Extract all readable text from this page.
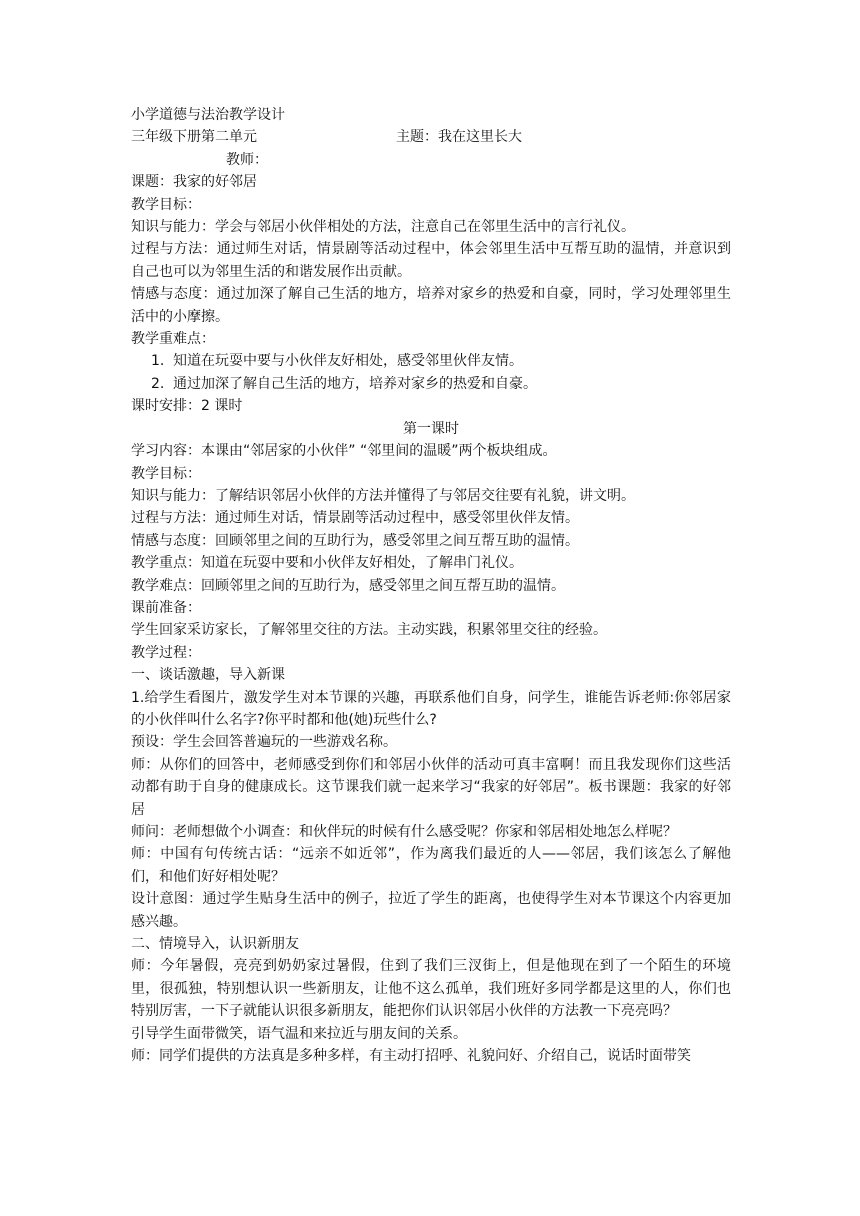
小学道德与法治教学设计

三年级下册第二单元	主题：我在这里长大

教师：

课题：我家的好邻居

教学目标：

知识与能力：学会与邻居小伙伴相处的方法，注意自己在邻里生活中的言行礼仪。

过程与方法：通过师生对话，情景剧等活动过程中，体会邻里生活中互帮互助的温情，并意识到自己也可以为邻里生活的和谐发展作出贡献。

情感与态度：通过加深了解自己生活的地方，培养对家乡的热爱和自豪，同时，学习处理邻里生活中的小摩擦。

教学重难点：

1. 知道在玩耍中要与小伙伴友好相处，感受邻里伙伴友情。
2. 通过加深了解自己生活的地方，培养对家乡的热爱和自豪。

课时安排：2 课时

第一课时

学习内容：本课由“邻居家的小伙伴” “邻里间的温暖”两个板块组成。

教学目标：

知识与能力：了解结识邻居小伙伴的方法并懂得了与邻居交往要有礼貌，讲文明。

过程与方法：通过师生对话，情景剧等活动过程中，感受邻里伙伴友情。

情感与态度：回顾邻里之间的互助行为，感受邻里之间互帮互助的温情。

教学重点：知道在玩耍中要和小伙伴友好相处，了解串门礼仪。

教学难点：回顾邻里之间的互助行为，感受邻里之间互帮互助的温情。

课前准备：

学生回家采访家长，了解邻里交往的方法。主动实践，积累邻里交往的经验。

教学过程：

一、谈话激趣，导入新课

1.给学生看图片，激发学生对本节课的兴趣，再联系他们自身，问学生，谁能告诉老师:你邻居家的小伙伴叫什么名字?你平时都和他(她)玩些什么?

预设：学生会回答普遍玩的一些游戏名称。

师：从你们的回答中，老师感受到你们和邻居小伙伴的活动可真丰富啊！而且我发现你们这些活动都有助于自身的健康成长。这节课我们就一起来学习“我家的好邻居”。板书课题：我家的好邻居

师问：老师想做个小调查：和伙伴玩的时候有什么感受呢？你家和邻居相处地怎么样呢？

师：中国有句传统古话：“远亲不如近邻”，作为离我们最近的人——邻居，我们该怎么了解他们，和他们好好相处呢？

设计意图：通过学生贴身生活中的例子，拉近了学生的距离，也使得学生对本节课这个内容更加感兴趣。

二、情境导入，认识新朋友

师：今年暑假，亮亮到奶奶家过暑假，住到了我们三汊街上，但是他现在到了一个陌生的环境里，很孤独，特别想认识一些新朋友，让他不这么孤单，我们班好多同学都是这里的人，你们也特别厉害，一下子就能认识很多新朋友，能把你们认识邻居小伙伴的方法教一下亮亮吗？

引导学生面带微笑，语气温和来拉近与朋友间的关系。

师：同学们提供的方法真是多种多样，有主动打招呼、礼貌问好、介绍自己，说话时面带笑
